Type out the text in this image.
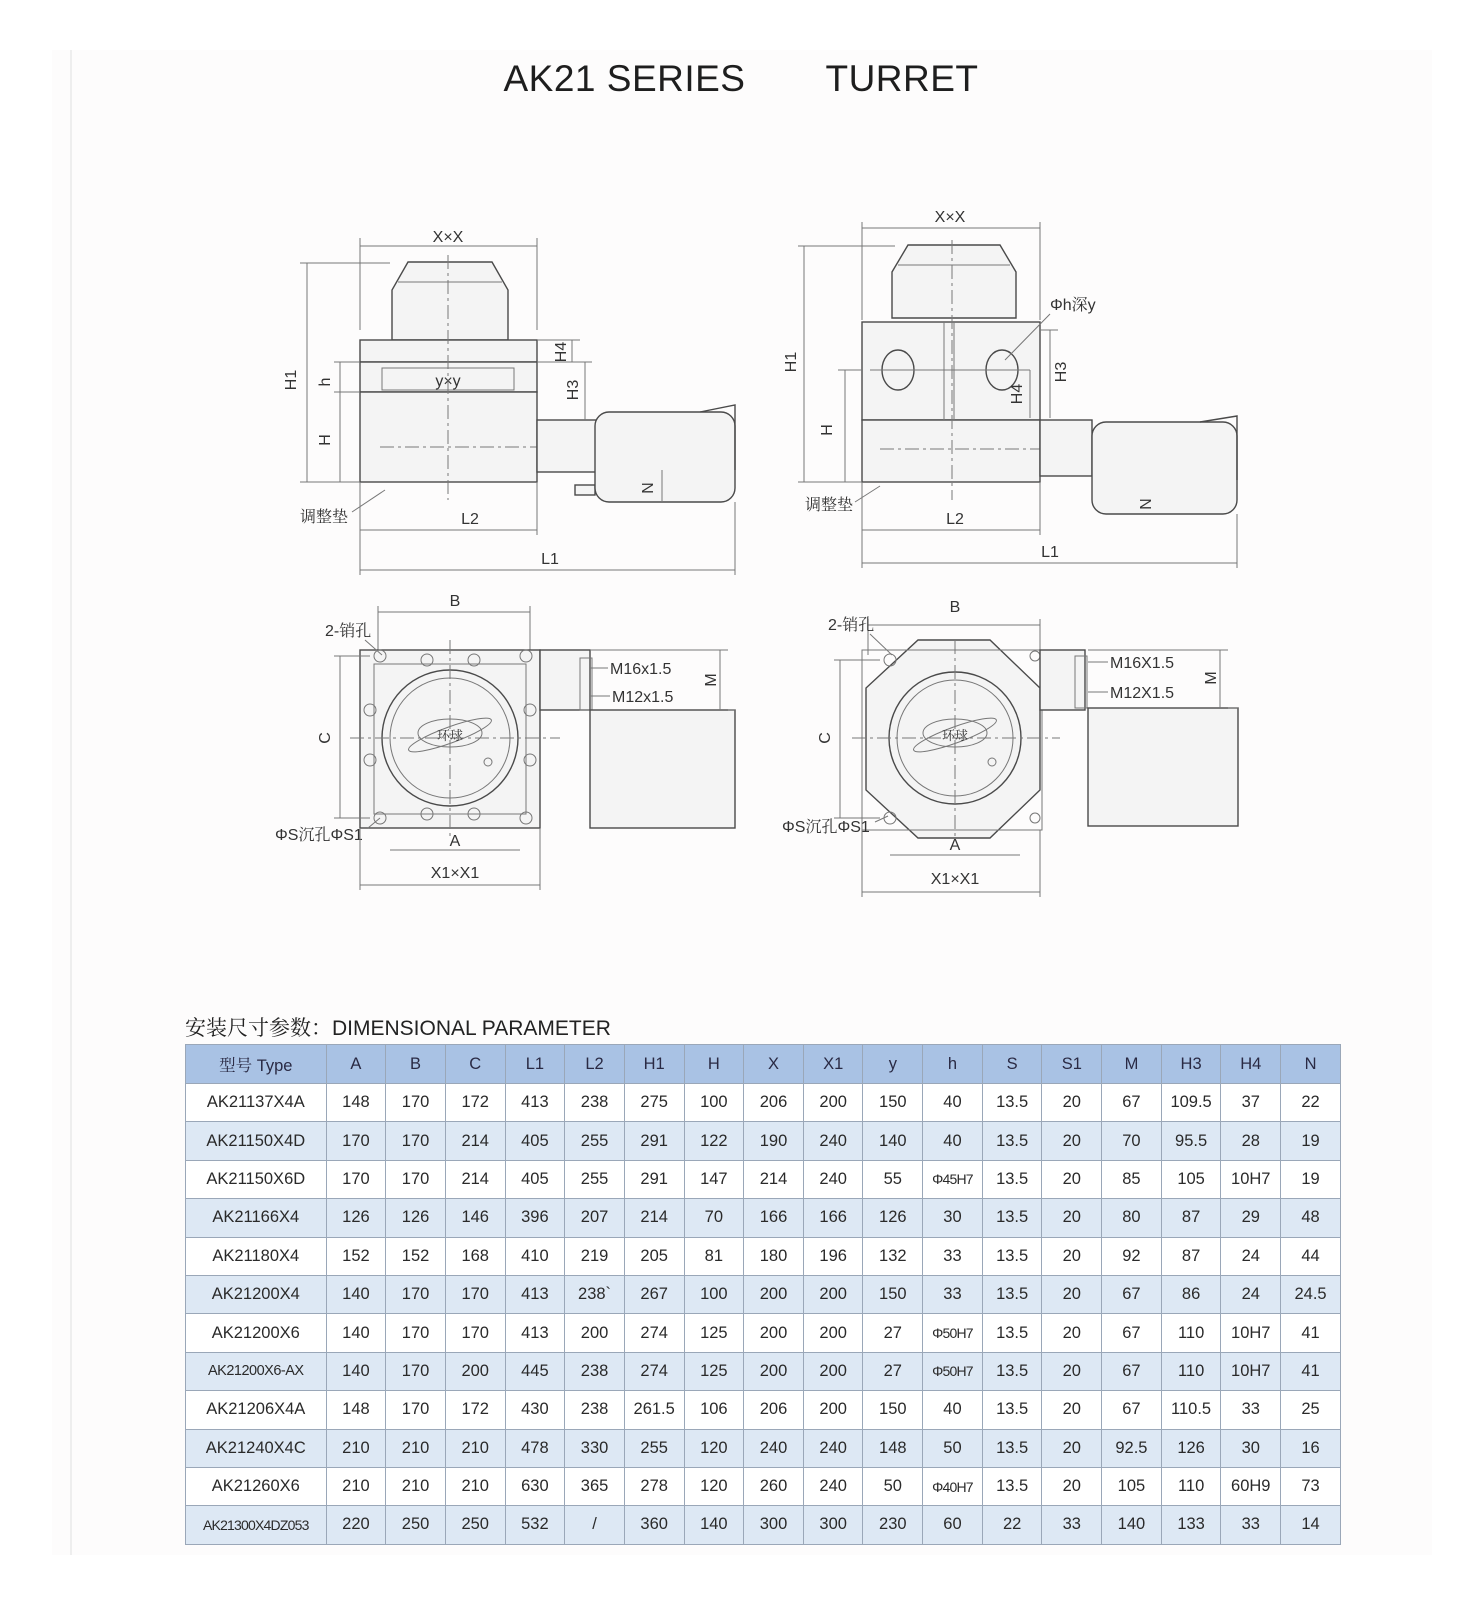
AK21 SERIES TURRET
X×X
y×y
H1 h
H
H4
H3
N
调整垫	L2
L1
X×X
Φh深y
H1
H
H3
H4
N
调整垫
L2
L1
B
环球
M
M16x1.5
M12x1.5
C
2-销孔
ΦS沉孔ΦS1	A
X1×X1
B
环球
M
M16X1.5
M12X1.5
C
2-销孔
ΦS沉孔ΦS1
A
X1×X1
安装尺寸参数：DIMENSIONAL PARAMETER
型号 Type	A	B	C	L1	L2	H1	H	X	X1	y	h	S	S1	M	H3	H4	N
AK21137X4A	148	170	172	413	238	275	100	206	200	150	40	13.5	20	67	109.5	37	22
AK21150X4D	170	170	214	405	255	291	122	190	240	140	40	13.5	20	70	95.5	28	19
AK21150X6D	170	170	214	405	255	291	147	214	240	55	Φ45H7	13.5	20	85	105	10H7	19
AK21166X4	126	126	146	396	207	214	70	166	166	126	30	13.5	20	80	87	29	48
AK21180X4	152	152	168	410	219	205	81	180	196	132	33	13.5	20	92	87	24	44
AK21200X4	140	170	170	413	238`	267	100	200	200	150	33	13.5	20	67	86	24	24.5
AK21200X6	140	170	170	413	200	274	125	200	200	27	Φ50H7	13.5	20	67	110	10H7	41
AK21200X6-AX	140	170	200	445	238	274	125	200	200	27	Φ50H7	13.5	20	67	110	10H7	41
AK21206X4A	148	170	172	430	238	261.5	106	206	200	150	40	13.5	20	67	110.5	33	25
AK21240X4C	210	210	210	478	330	255	120	240	240	148	50	13.5	20	92.5	126	30	16
AK21260X6	210	210	210	630	365	278	120	260	240	50	Φ40H7	13.5	20	105	110	60H9	73
AK21300X4DZ053	220	250	250	532	/	360	140	300	300	230	60	22	33	140	133	33	14
